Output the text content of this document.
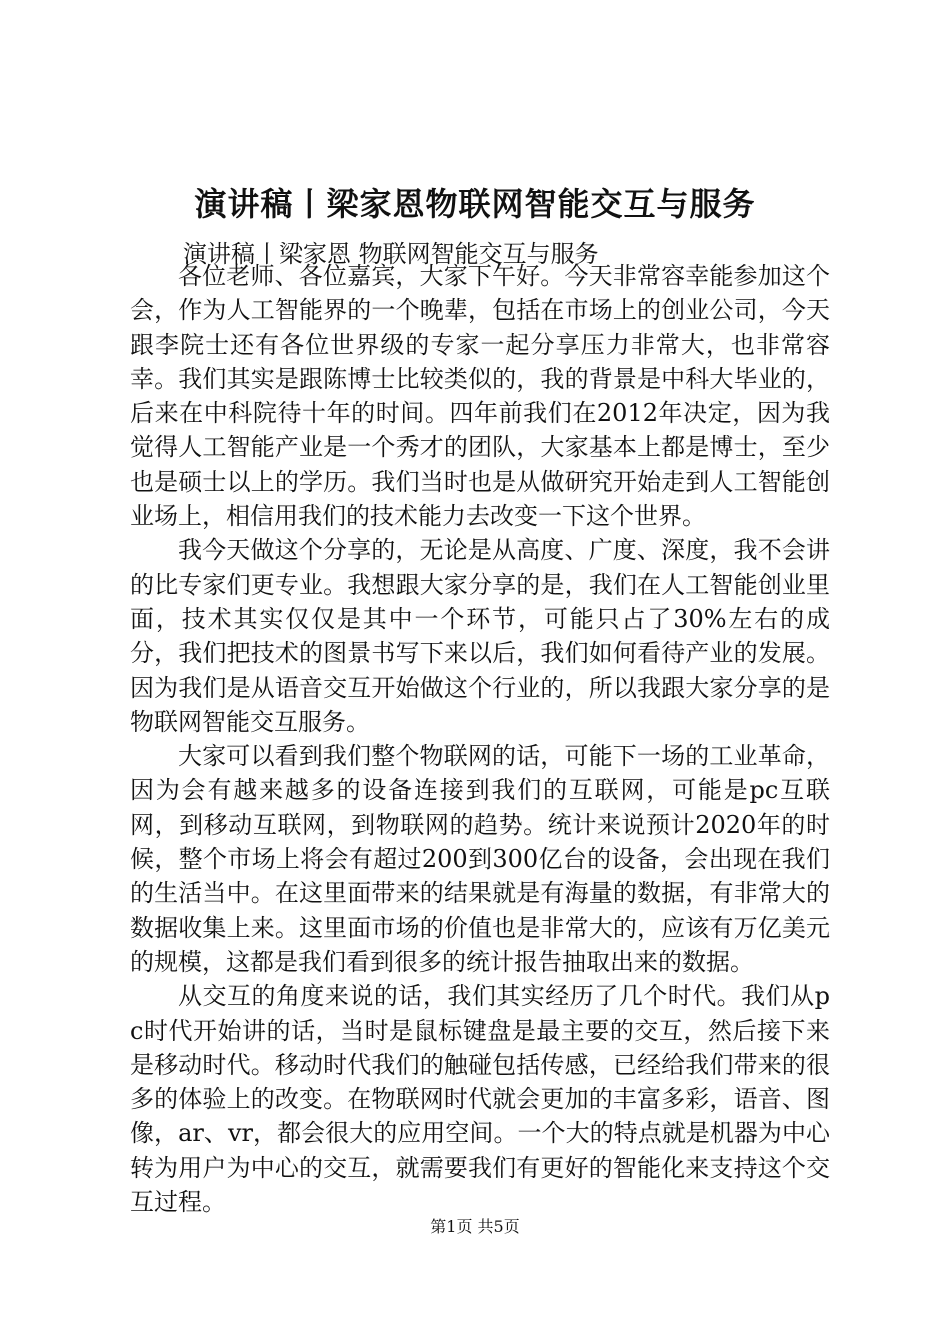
演讲稿丨梁家恩物联网智能交互与服务
演讲稿丨梁家恩 物联网智能交互与服务

各位老师、各位嘉宾，大家下午好。今天非常容幸能参加这个会，作为人工智能界的一个晚辈，包括在市场上的创业公司，今天跟李院士还有各位世界级的专家一起分享压力非常大，也非常容幸。我们其实是跟陈博士比较类似的，我的背景是中科大毕业的，后来在中科院待十年的时间。四年前我们在2012年决定，因为我觉得人工智能产业是一个秀才的团队，大家基本上都是博士，至少也是硕士以上的学历。我们当时也是从做研究开始走到人工智能创业场上，相信用我们的技术能力去改变一下这个世界。

我今天做这个分享的，无论是从高度、广度、深度，我不会讲的比专家们更专业。我想跟大家分享的是，我们在人工智能创业里面，技术其实仅仅是其中一个环节，可能只占了30%左右的成分，我们把技术的图景书写下来以后，我们如何看待产业的发展。因为我们是从语音交互开始做这个行业的，所以我跟大家分享的是物联网智能交互服务。

大家可以看到我们整个物联网的话，可能下一场的工业革命，因为会有越来越多的设备连接到我们的互联网，可能是pc互联网，到移动互联网，到物联网的趋势。统计来说预计2020年的时候，整个市场上将会有超过200到300亿台的设备，会出现在我们的生活当中。在这里面带来的结果就是有海量的数据，有非常大的数据收集上来。这里面市场的价值也是非常大的，应该有万亿美元的规模，这都是我们看到很多的统计报告抽取出来的数据。

从交互的角度来说的话，我们其实经历了几个时代。我们从pc时代开始讲的话，当时是鼠标键盘是最主要的交互，然后接下来是移动时代。移动时代我们的触碰包括传感，已经给我们带来的很多的体验上的改变。在物联网时代就会更加的丰富多彩，语音、图像，ar、vr，都会很大的应用空间。一个大的特点就是机器为中心转为用户为中心的交互，就需要我们有更好的智能化来支持这个交互过程。

第1页 共5页
